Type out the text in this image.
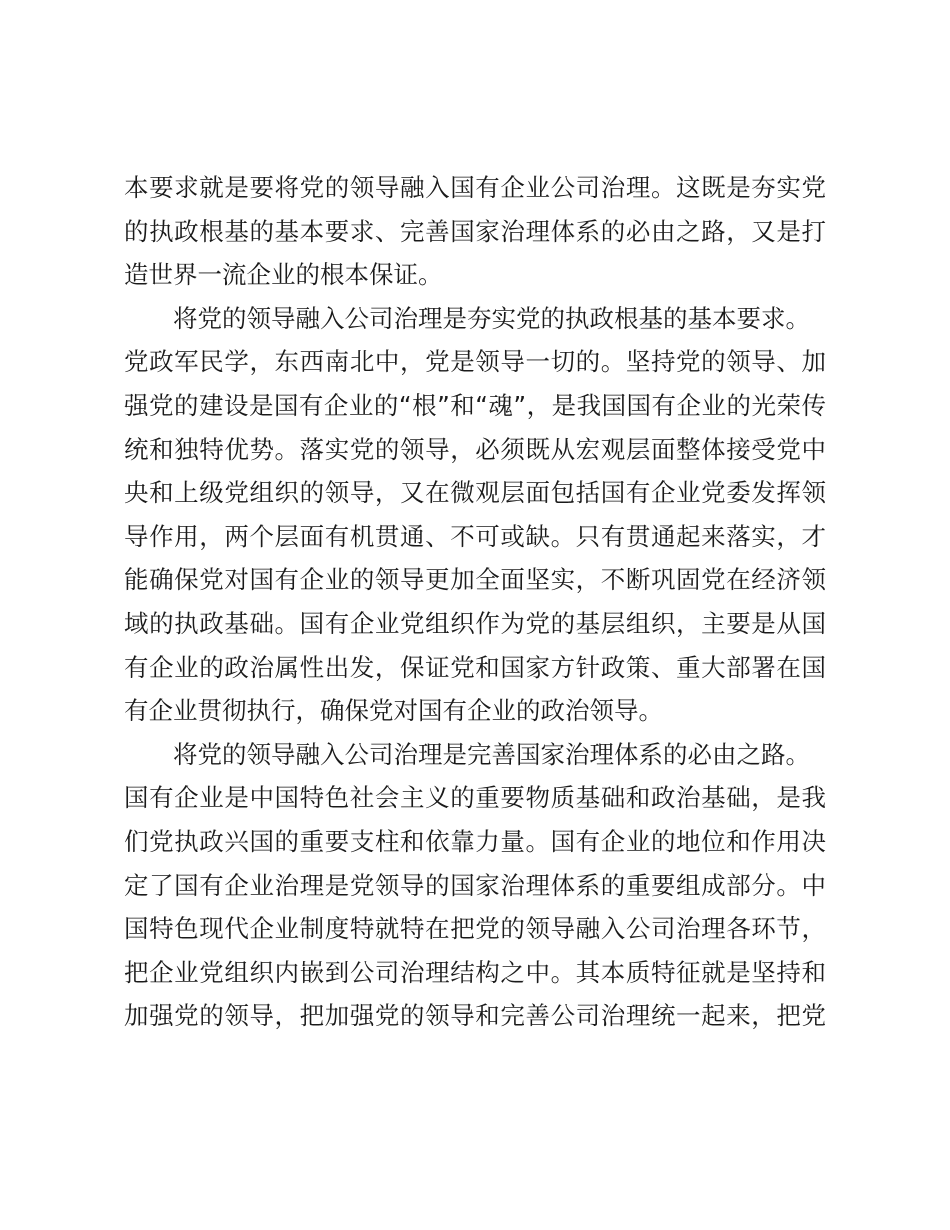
本要求就是要将党的领导融入国有企业公司治理。这既是夯实党
的执政根基的基本要求、完善国家治理体系的必由之路，又是打
造世界一流企业的根本保证。
将党的领导融入公司治理是夯实党的执政根基的基本要求。
党政军民学，东西南北中，党是领导一切的。坚持党的领导、加
强党的建设是国有企业的“根”和“魂”，是我国国有企业的光荣传
统和独特优势。落实党的领导，必须既从宏观层面整体接受党中
央和上级党组织的领导，又在微观层面包括国有企业党委发挥领
导作用，两个层面有机贯通、不可或缺。只有贯通起来落实，才
能确保党对国有企业的领导更加全面坚实，不断巩固党在经济领
域的执政基础。国有企业党组织作为党的基层组织，主要是从国
有企业的政治属性出发，保证党和国家方针政策、重大部署在国
有企业贯彻执行，确保党对国有企业的政治领导。
将党的领导融入公司治理是完善国家治理体系的必由之路。
国有企业是中国特色社会主义的重要物质基础和政治基础，是我
们党执政兴国的重要支柱和依靠力量。国有企业的地位和作用决
定了国有企业治理是党领导的国家治理体系的重要组成部分。中
国特色现代企业制度特就特在把党的领导融入公司治理各环节，
把企业党组织内嵌到公司治理结构之中。其本质特征就是坚持和
加强党的领导，把加强党的领导和完善公司治理统一起来，把党
